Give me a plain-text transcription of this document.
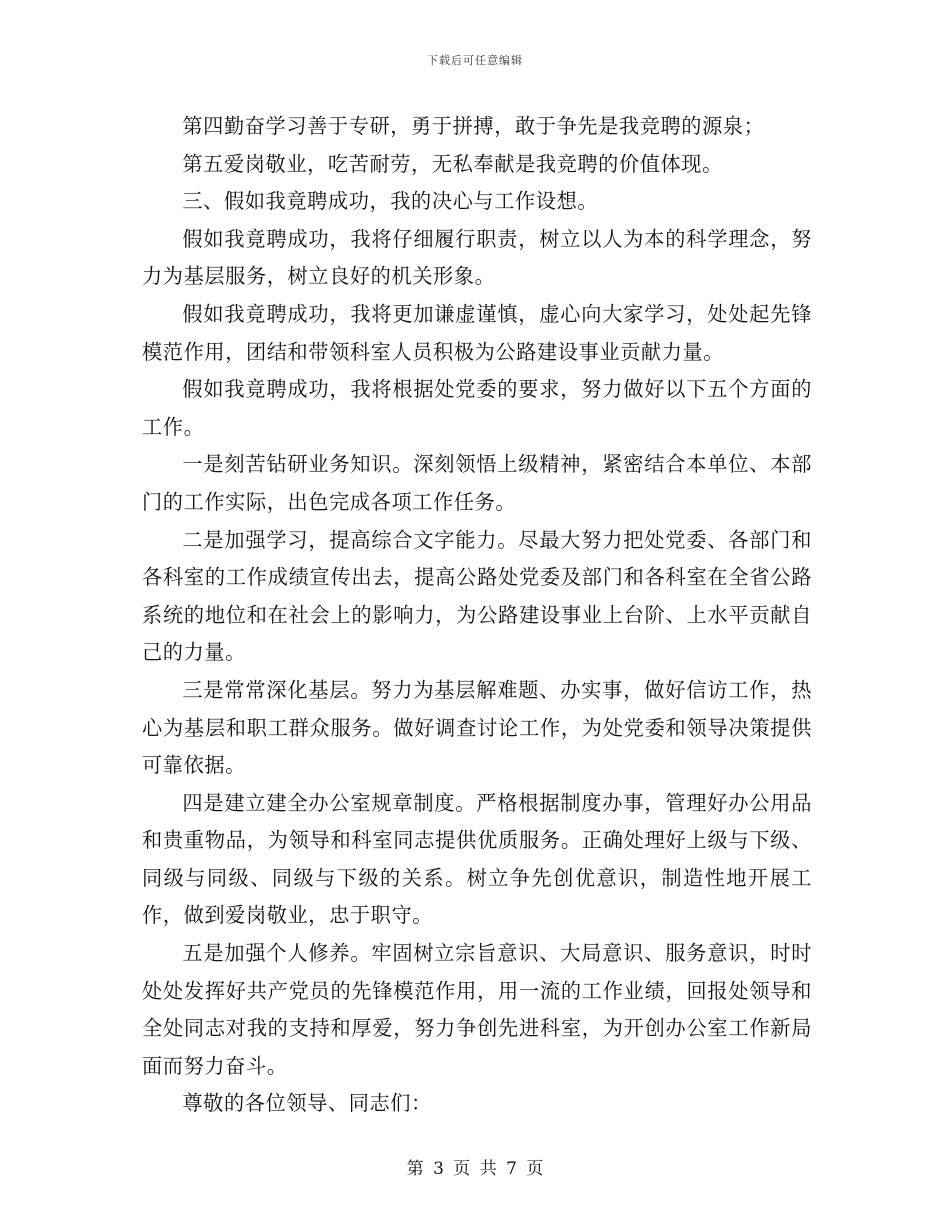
下载后可任意编辑

第四勤奋学习善于专研，勇于拼搏，敢于争先是我竞聘的源泉；

第五爱岗敬业，吃苦耐劳，无私奉献是我竞聘的价值体现。

三、假如我竟聘成功，我的决心与工作设想。

假如我竟聘成功，我将仔细履行职责，树立以人为本的科学理念，努力为基层服务，树立良好的机关形象。

假如我竟聘成功，我将更加谦虚谨慎，虚心向大家学习，处处起先锋模范作用，团结和带领科室人员积极为公路建设事业贡献力量。

假如我竟聘成功，我将根据处党委的要求，努力做好以下五个方面的工作。

一是刻苦钻研业务知识。深刻领悟上级精神，紧密结合本单位、本部门的工作实际，出色完成各项工作任务。

二是加强学习，提高综合文字能力。尽最大努力把处党委、各部门和各科室的工作成绩宣传出去，提高公路处党委及部门和各科室在全省公路系统的地位和在社会上的影响力，为公路建设事业上台阶、上水平贡献自己的力量。

三是常常深化基层。努力为基层解难题、办实事，做好信访工作，热心为基层和职工群众服务。做好调查讨论工作，为处党委和领导决策提供可靠依据。

四是建立建全办公室规章制度。严格根据制度办事，管理好办公用品和贵重物品，为领导和科室同志提供优质服务。正确处理好上级与下级、同级与同级、同级与下级的关系。树立争先创优意识，制造性地开展工作，做到爱岗敬业，忠于职守。

五是加强个人修养。牢固树立宗旨意识、大局意识、服务意识，时时处处发挥好共产党员的先锋模范作用，用一流的工作业绩，回报处领导和全处同志对我的支持和厚爱，努力争创先进科室，为开创办公室工作新局面而努力奋斗。

尊敬的各位领导、同志们：

第 3 页 共 7 页
